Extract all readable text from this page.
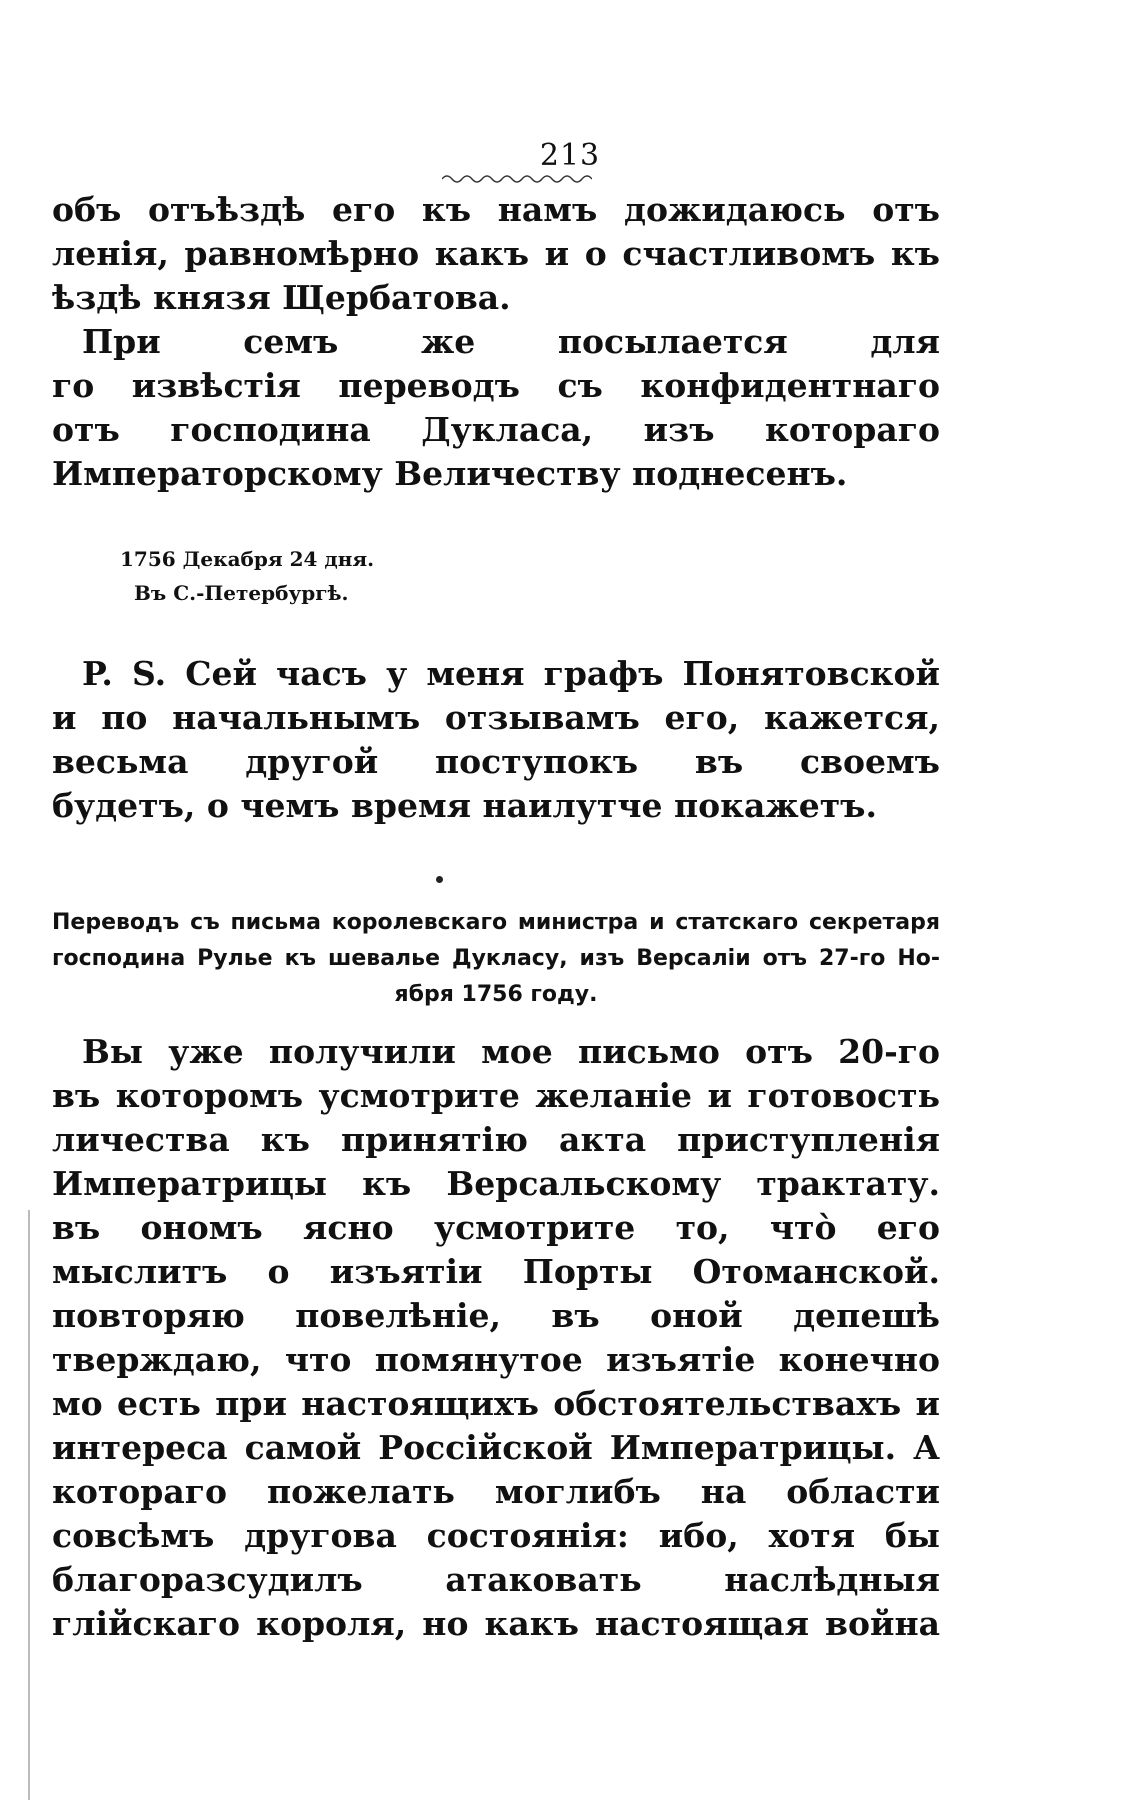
213
объ отъѣздѣ его къ намъ дожидаюсь отъ
ленія, равномѣрно какъ и о счастливомъ къ
ѣздѣ князя Щербатова.
При семъ же посылается для
го извѣстія переводъ съ конфидентнаго
отъ господина Дукласа, изъ котораго
Императорскому Величеству поднесенъ.
1756 Декабря 24 дня.
Въ С.-Петербургѣ.
P. S. Сей часъ у меня графъ Понятовской
и по начальнымъ отзывамъ его, кажется,
весьма другой поступокъ въ своемъ
будетъ, о чемъ время наилутче покажетъ.
Переводъ съ письма королевскаго министра и статскаго секретаря
господина Рулье къ шевалье Дукласу, изъ Версаліи отъ 27-го Но-
ября 1756 году.
Вы уже получили мое письмо отъ 20-го
въ которомъ усмотрите желаніе и готовость
личества къ принятію акта приступленія
Императрицы къ Версальскому трактату.
въ ономъ ясно усмотрите то, чтò его
мыслитъ о изъятіи Порты Отоманской.
повторяю повелѣніе, въ оной депешѣ
тверждаю, что помянутое изъятіе конечно
мо есть при настоящихъ обстоятельствахъ и
интереса самой Россійской Императрицы. А
котораго пожелать моглибъ на области
совсѣмъ другова состоянія: ибо, хотя бы
благоразсудилъ атаковать наслѣдныя
глійскаго короля, но какъ настоящая война
